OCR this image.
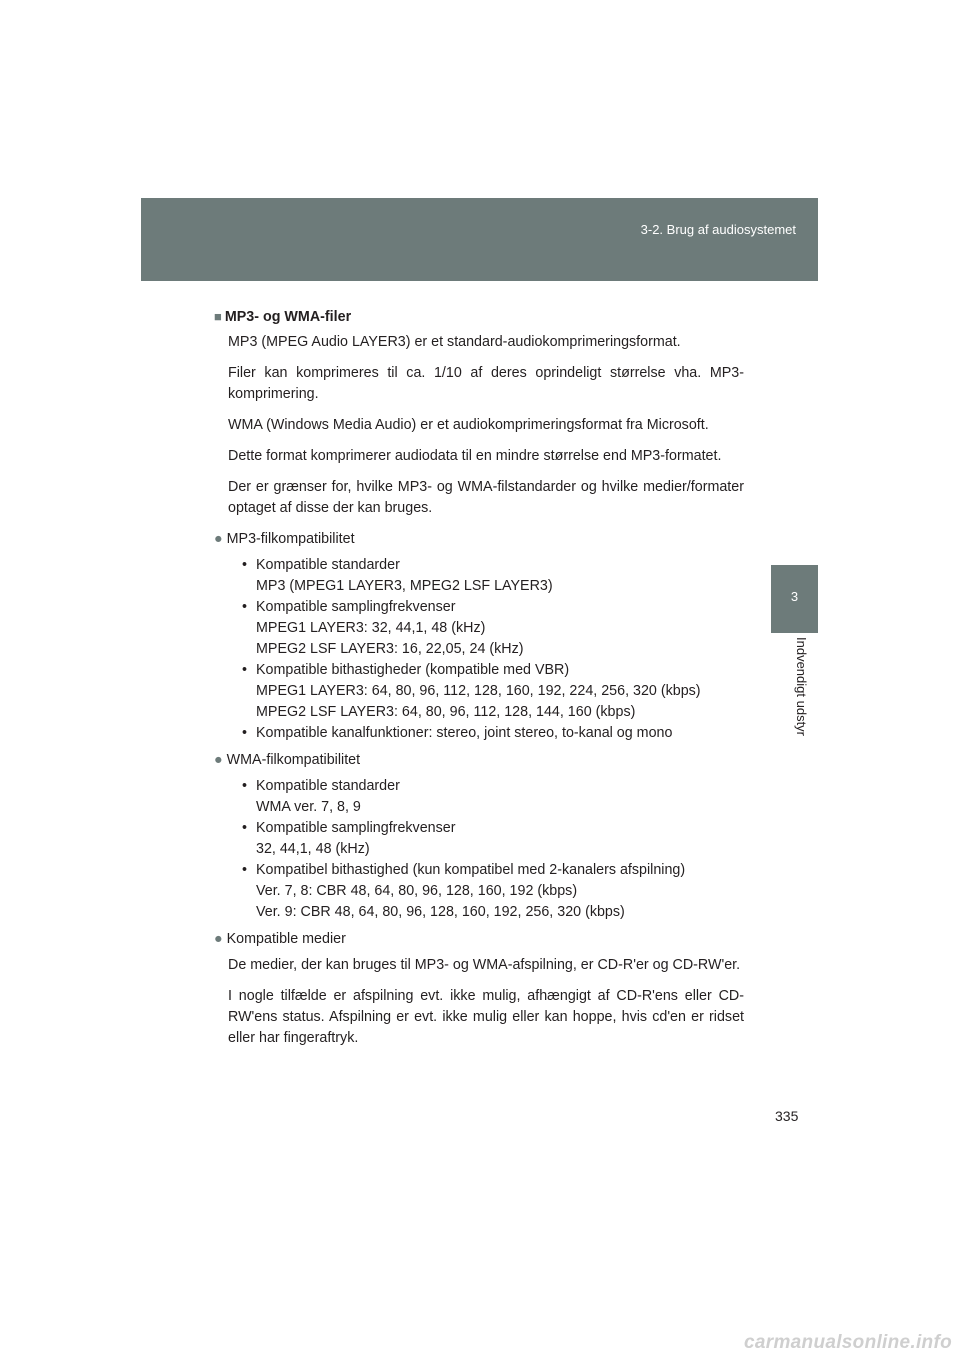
3-2. Brug af audiosystemet
3
Indvendigt udstyr
■ MP3- og WMA-filer

MP3 (MPEG Audio LAYER3) er et standard-audiokomprimeringsformat.

Filer kan komprimeres til ca. 1/10 af deres oprindeligt størrelse vha. MP3-komprimering.

WMA (Windows Media Audio) er et audiokomprimeringsformat fra Microsoft.

Dette format komprimerer audiodata til en mindre størrelse end MP3-formatet.

Der er grænser for, hvilke MP3- og WMA-filstandarder og hvilke medier/formater optaget af disse der kan bruges.

● MP3-filkompatibilitet
• Kompatible standarder
MP3 (MPEG1 LAYER3, MPEG2 LSF LAYER3)
• Kompatible samplingfrekvenser
MPEG1 LAYER3: 32, 44,1, 48 (kHz)
MPEG2 LSF LAYER3: 16, 22,05, 24 (kHz)
• Kompatible bithastigheder (kompatible med VBR)
MPEG1 LAYER3: 64, 80, 96, 112, 128, 160, 192, 224, 256, 320 (kbps)
MPEG2 LSF LAYER3: 64, 80, 96, 112, 128, 144, 160 (kbps)
• Kompatible kanalfunktioner: stereo, joint stereo, to-kanal og mono
● WMA-filkompatibilitet
• Kompatible standarder
WMA ver. 7, 8, 9
• Kompatible samplingfrekvenser
32, 44,1, 48 (kHz)
• Kompatibel bithastighed (kun kompatibel med 2-kanalers afspilning)
Ver. 7, 8: CBR 48, 64, 80, 96, 128, 160, 192 (kbps)
Ver. 9: CBR 48, 64, 80, 96, 128, 160, 192, 256, 320 (kbps)
● Kompatible medier

De medier, der kan bruges til MP3- og WMA-afspilning, er CD-R'er og CD-RW'er.

I nogle tilfælde er afspilning evt. ikke mulig, afhængigt af CD-R'ens eller CD-RW'ens status. Afspilning er evt. ikke mulig eller kan hoppe, hvis cd'en er ridset eller har fingeraftryk.

335
carmanualsonline.info
